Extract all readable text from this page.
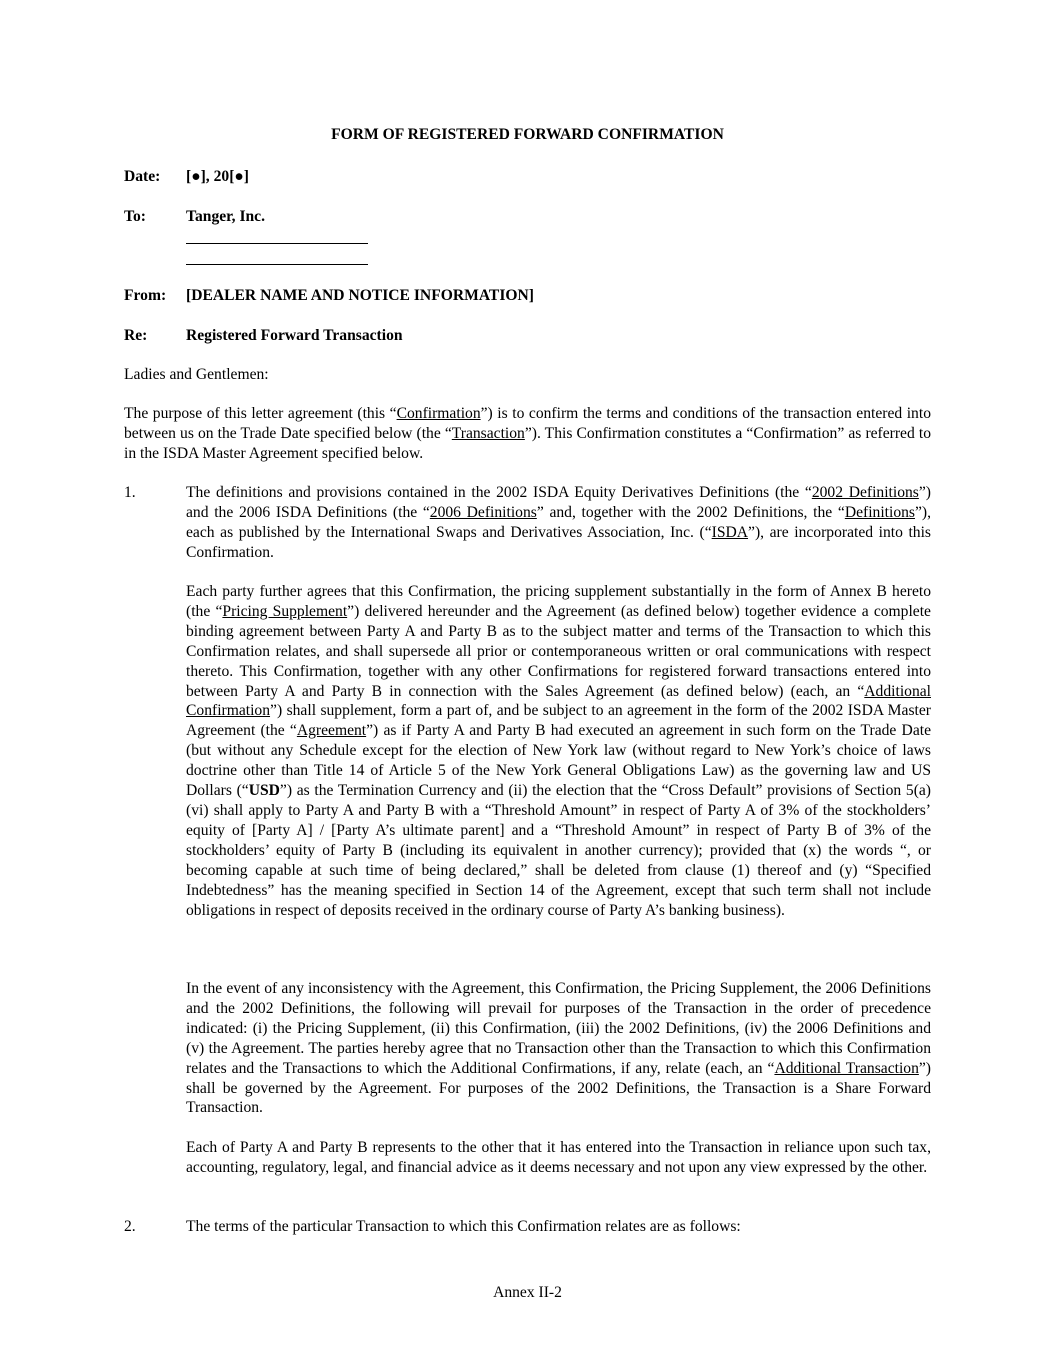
FORM OF REGISTERED FORWARD CONFIRMATION
Date: [●], 20[●]
To:	Tanger, Inc.
From: [DEALER NAME AND NOTICE INFORMATION]
Re: Registered Forward Transaction

Ladies and Gentlemen:

The purpose of this letter agreement (this “Confirmation”) is to confirm the terms and conditions of the transaction entered into between us on the Trade Date specified below (the “Transaction”). This Confirmation constitutes a “Confirmation” as referred to in the ISDA Master Agreement specified below.

1.	The definitions and provisions contained in the 2002 ISDA Equity Derivatives Definitions (the “2002 Definitions”) and the 2006 ISDA Definitions (the “2006 Definitions” and, together with the 2002 Definitions, the “Definitions”), each as published by the International Swaps and Derivatives Association, Inc. (“ISDA”), are incorporated into this Confirmation.

Each party further agrees that this Confirmation, the pricing supplement substantially in the form of Annex B hereto (the “Pricing Supplement”) delivered hereunder and the Agreement (as defined below) together evidence a complete binding agreement between Party A and Party B as to the subject matter and terms of the Transaction to which this Confirmation relates, and shall supersede all prior or contemporaneous written or oral communications with respect thereto. This Confirmation, together with any other Confirmations for registered forward transactions entered into between Party A and Party B in connection with the Sales Agreement (as defined below) (each, an “Additional Confirmation”) shall supplement, form a part of, and be subject to an agreement in the form of the 2002 ISDA Master Agreement (the “Agreement”) as if Party A and Party B had executed an agreement in such form on the Trade Date (but without any Schedule except for the election of New York law (without regard to New York’s choice of laws doctrine other than Title 14 of Article 5 of the New York General Obligations Law) as the governing law and US Dollars (“USD”) as the Termination Currency and (ii) the election that the “Cross Default” provisions of Section 5(a)(vi) shall apply to Party A and Party B with a “Threshold Amount” in respect of Party A of 3% of the stockholders’ equity of [Party A] / [Party A’s ultimate parent] and a “Threshold Amount” in respect of Party B of 3% of the stockholders’ equity of Party B (including its equivalent in another currency); provided that (x) the words “, or becoming capable at such time of being declared,” shall be deleted from clause (1) thereof and (y) “Specified Indebtedness” has the meaning specified in Section 14 of the Agreement, except that such term shall not include obligations in respect of deposits received in the ordinary course of Party A’s banking business).

In the event of any inconsistency with the Agreement, this Confirmation, the Pricing Supplement, the 2006 Definitions and the 2002 Definitions, the following will prevail for purposes of the Transaction in the order of precedence indicated: (i) the Pricing Supplement, (ii) this Confirmation, (iii) the 2002 Definitions, (iv) the 2006 Definitions and (v) the Agreement. The parties hereby agree that no Transaction other than the Transaction to which this Confirmation relates and the Transactions to which the Additional Confirmations, if any, relate (each, an “Additional Transaction”) shall be governed by the Agreement. For purposes of the 2002 Definitions, the Transaction is a Share Forward Transaction.

Each of Party A and Party B represents to the other that it has entered into the Transaction in reliance upon such tax, accounting, regulatory, legal, and financial advice as it deems necessary and not upon any view expressed by the other.

2.	The terms of the particular Transaction to which this Confirmation relates are as follows:

Annex II-2
